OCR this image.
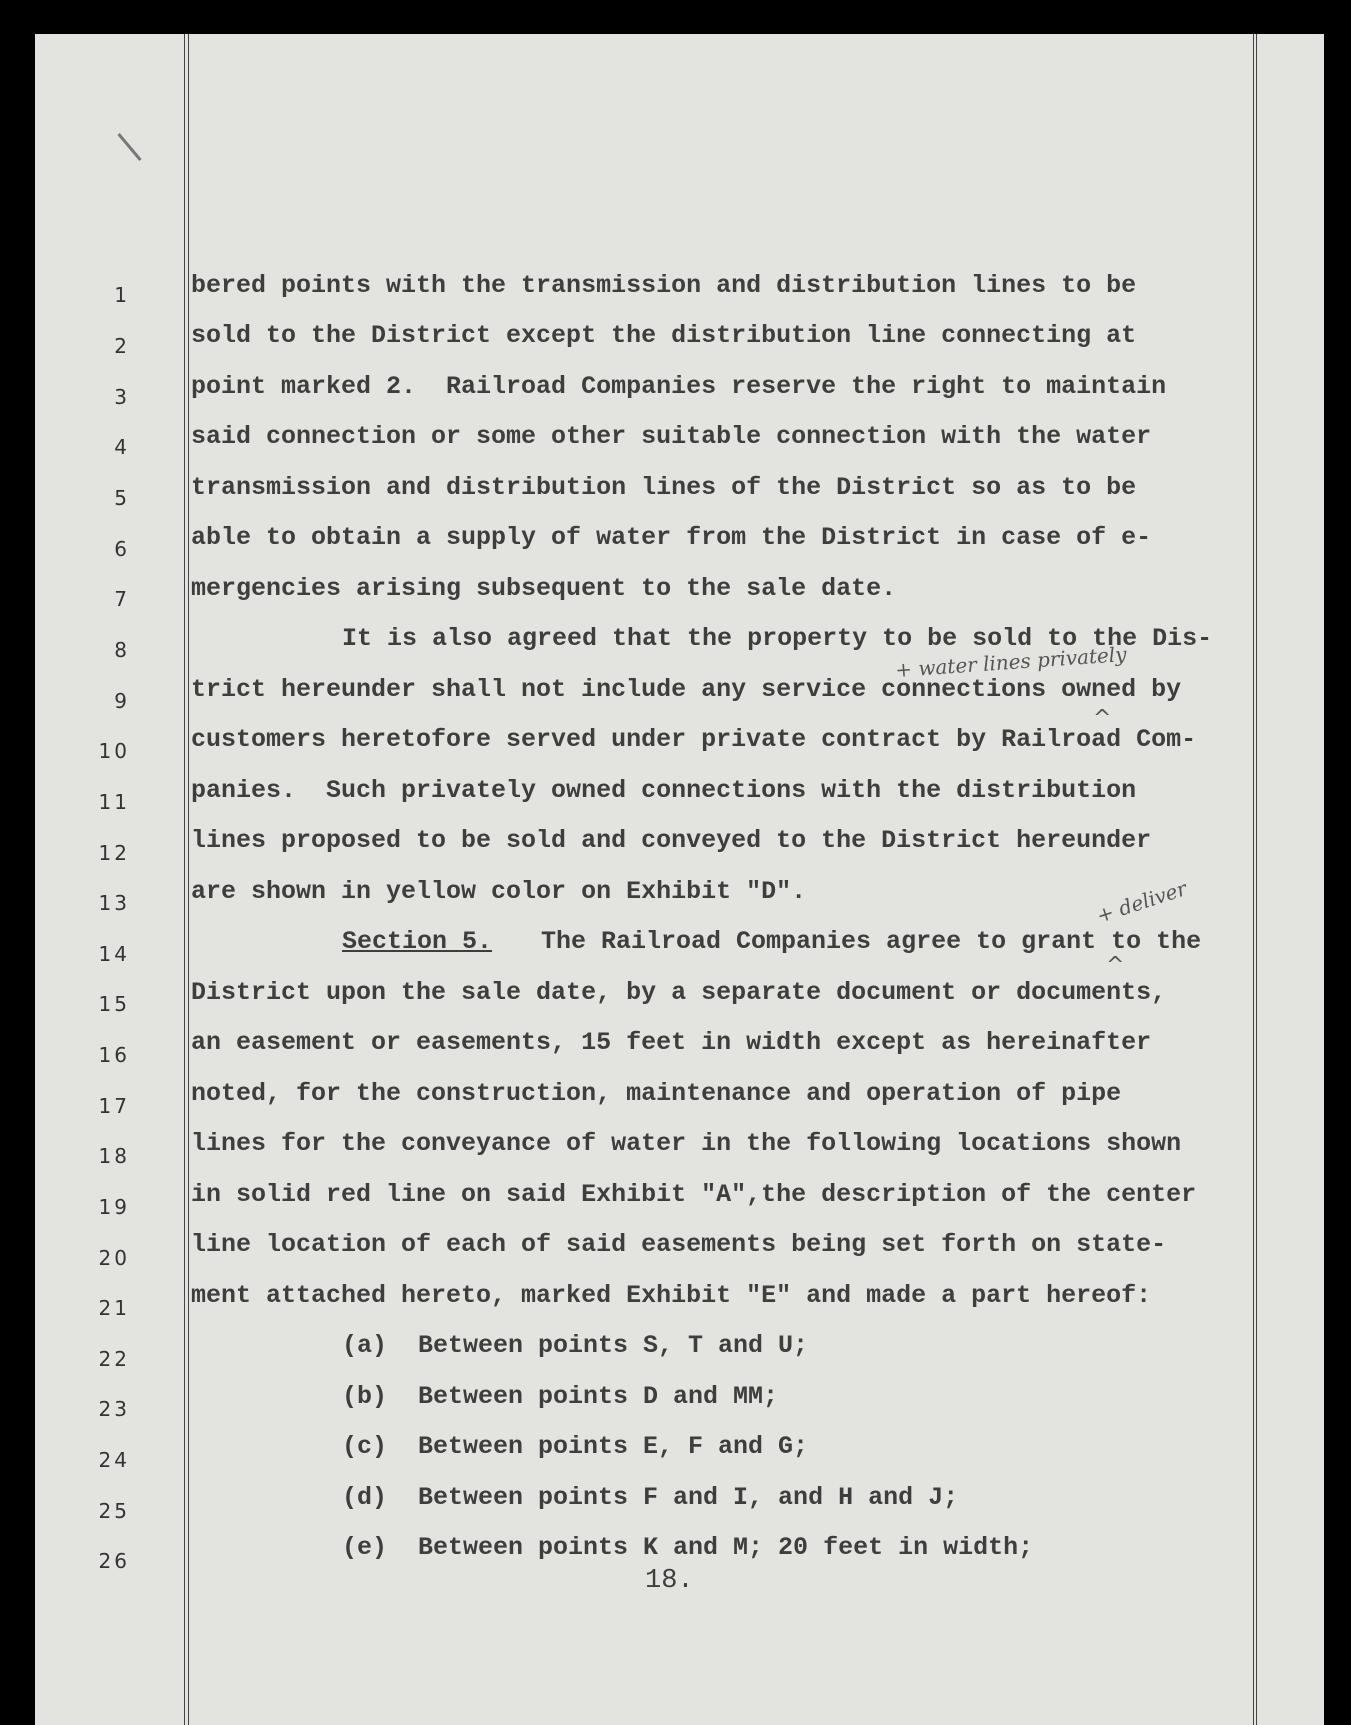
1
2
3
4
5
6
7
8
9
10
11
12
13
14
15
16
17
18
19
20
21
22
23
24
25
26
bered points with the transmission and distribution lines to be
sold to the District except the distribution line connecting at
point marked 2.  Railroad Companies reserve the right to maintain
said connection or some other suitable connection with the water
transmission and distribution lines of the District so as to be
able to obtain a supply of water from the District in case of e-
mergencies arising subsequent to the sale date.
It is also agreed that the property to be sold to the Dis-
trict hereunder shall not include any service connections owned by
customers heretofore served under private contract by Railroad Com-
panies.  Such privately owned connections with the distribution
lines proposed to be sold and conveyed to the District hereunder
are shown in yellow color on Exhibit "D".
Section 5. The Railroad Companies agree to grant to the
District upon the sale date, by a separate document or documents,
an easement or easements, 15 feet in width except as hereinafter
noted, for the construction, maintenance and operation of pipe
lines for the conveyance of water in the following locations shown
in solid red line on said Exhibit "A",the description of the center
line location of each of said easements being set forth on state-
ment attached hereto, marked Exhibit "E" and made a part hereof:
(a) Between points S, T and U;
(b) Between points D and MM;
(c) Between points E, F and G;
(d) Between points F and I, and H and J;
(e) Between points K and M; 20 feet in width;
+ water lines privately
^
+ deliver
^
18.
